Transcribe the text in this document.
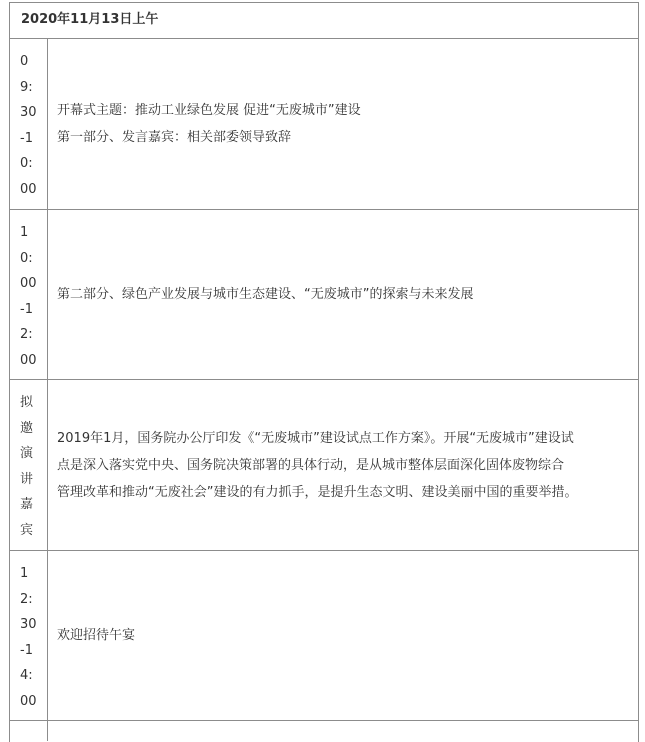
2020年11月13日上午
0
9:
30
-1
0:
00
开幕式主题：推动工业绿色发展 促进“无废城市”建设
第一部分、发言嘉宾：相关部委领导致辞
1
0:
00
-1
2:
00
第二部分、绿色产业发展与城市生态建设、“无废城市”的探索与未来发展
拟
邀
演
讲
嘉
宾
2019年1月，国务院办公厅印发《“无废城市”建设试点工作方案》。开展“无废城市”建设试
点是深入落实党中央、国务院决策部署的具体行动，是从城市整体层面深化固体废物综合
管理改革和推动“无废社会”建设的有力抓手，是提升生态文明、建设美丽中国的重要举措。
1
2:
30
-1
4:
00
欢迎招待午宴
